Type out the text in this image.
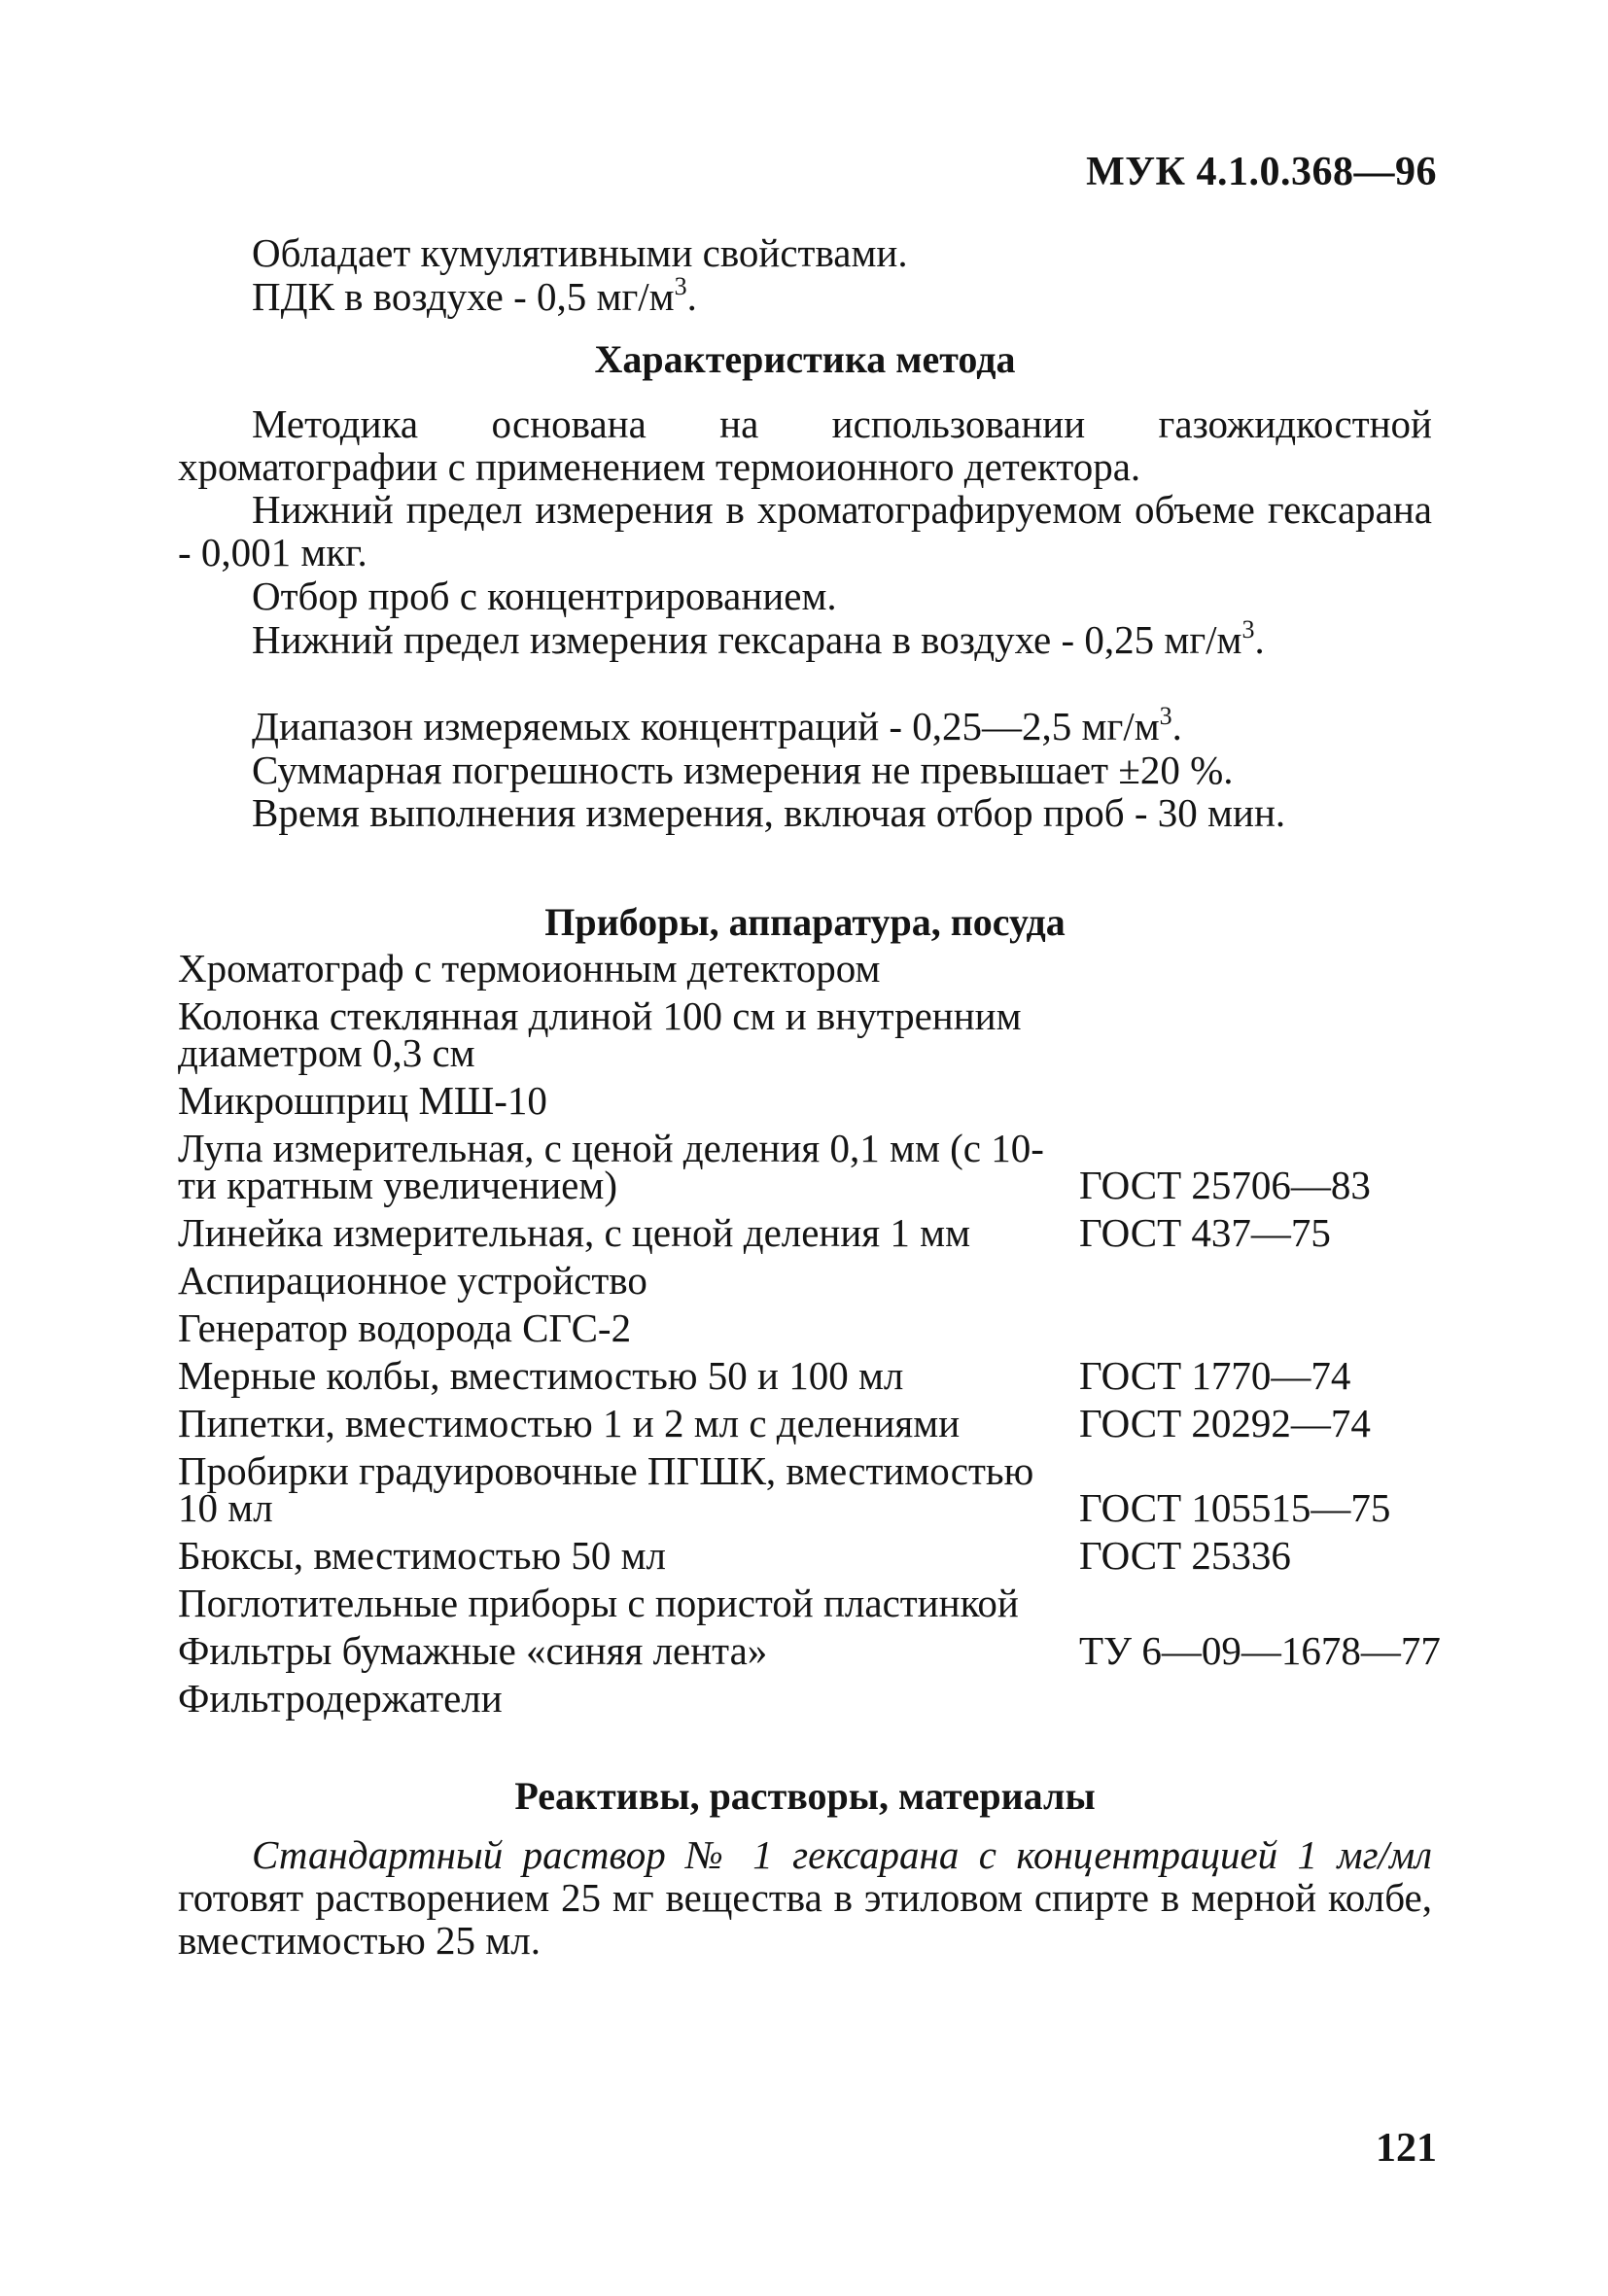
МУК 4.1.0.368—96
Обладает кумулятивными свойствами.
ПДК в воздухе - 0,5 $мг/м^3$.
Характеристика метода
Методика основана на использовании газожидкостной хроматографии с применением термоионного детектора.
Нижний предел измерения в хроматографируемом объеме гексарана - 0,001 мкг.
Отбор проб с концентрированием.
Нижний предел измерения гексарана в воздухе - 0,25 $мг/м^3$.
Диапазон измеряемых концентраций - 0,25—2,5 $мг/м^3$.
Суммарная погрешность измерения не превышает ±20 %.
Время выполнения измерения, включая отбор проб - 30 мин.
Приборы, аппаратура, посуда
Хроматограф с термоионным детектором
Колонка стеклянная длиной 100 см и внутренним диаметром 0,3 см
Микрошприц МШ-10
Лупа измерительная, с ценой деления 0,1 мм (с 10-ти кратным увеличением)	ГОСТ 25706—83
Линейка измерительная, с ценой деления 1 мм	ГОСТ 437—75
Аспирационное устройство
Генератор водорода СГС-2
Мерные колбы, вместимостью 50 и 100 мл	ГОСТ 1770—74
Пипетки, вместимостью 1 и 2 мл с делениями	ГОСТ 20292—74
Пробирки градуировочные ПГШК, вместимостью 10 мл	ГОСТ 105515—75
Бюксы, вместимостью 50 мл	ГОСТ 25336
Поглотительные приборы с пористой пластинкой
Фильтры бумажные «синяя лента»	ТУ 6—09—1678—77
Фильтродержатели
Реактивы, растворы, материалы
Стандартный раствор № 1 гексарана с концентрацией 1 мг/мл готовят растворением 25 мг вещества в этиловом спирте в мерной колбе, вместимостью 25 мл.
121
